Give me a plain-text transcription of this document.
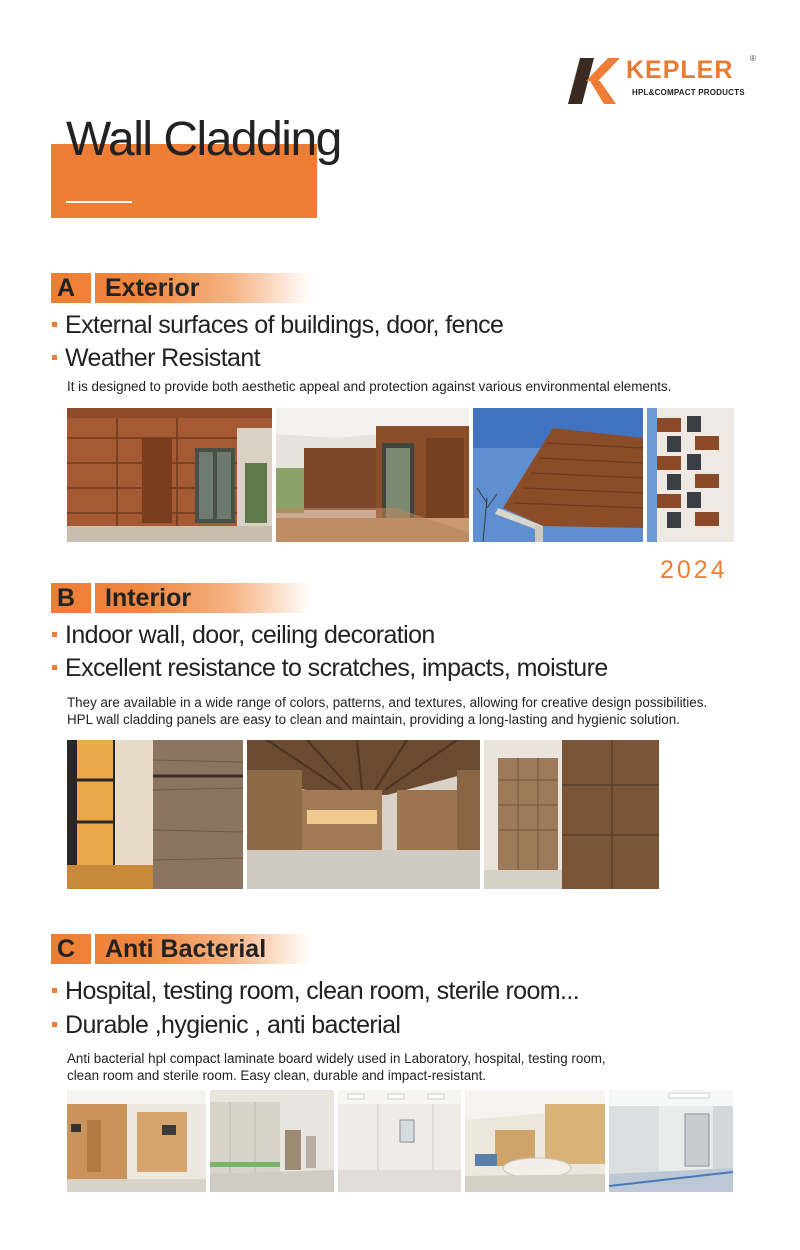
KEPLER ®
HPL&COMPACT PRODUCTS
Wall Cladding
A Exterior
External surfaces of buildings, door, fence
Weather Resistant
It is designed to provide both aesthetic appeal and protection against various environmental elements.
2024
B Interior
Indoor wall, door, ceiling decoration
Excellent resistance to scratches, impacts, moisture
They are available in a wide range of colors, patterns, and textures, allowing for creative design possibilities.
HPL wall cladding panels are easy to clean and maintain, providing a long-lasting and hygienic solution.
C Anti Bacterial
Hospital, testing room, clean room, sterile room...
Durable ,hygienic , anti bacterial
Anti bacterial hpl compact laminate board widely used in Laboratory, hospital, testing room,
clean room and sterile room. Easy clean, durable and impact-resistant.
